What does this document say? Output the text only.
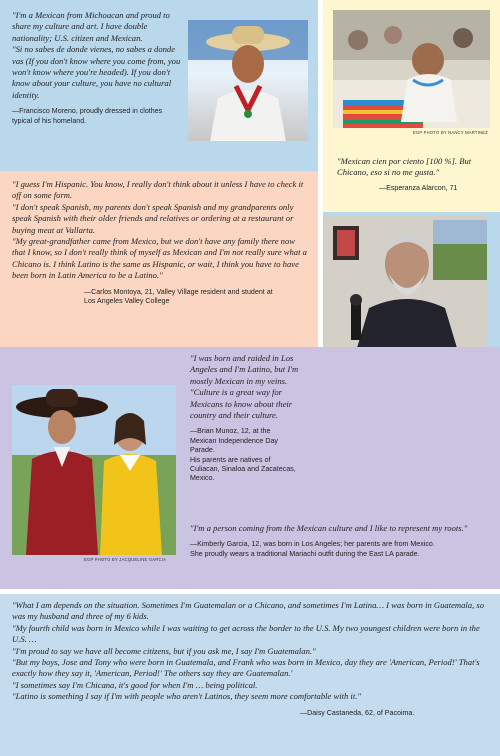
"I'm a Mexican from Michoacan and proud to share my culture and art. I have double nationality; U.S. citizen and Mexican.
"Si no sabes de donde vienes, no sabes a donde vas (If you don't know where you come from, you won't know where you're headed). If you don't know about your culture, you have no cultural identity.

—Francisco Moreno, proudly dressed in clothes
typical of his homeland.
EGP PHOTO BY NANCY MARTINEZ

"Mexican cien por ciento [100 %]. But Chicano, eso si no me gusta."

—Esperanza Alarcon, 71

"I guess I'm Hispanic. You know, I really don't think about it unless I have to check it off on some form.
"I don't speak Spanish, my parents don't speak Spanish and my grandparents only speak Spanish with their older friends and relatives or ordering at a restaurant or buying meat at Vallarta.
"My great-grandfather came from Mexico, but we don't have any family there now that I know, so I don't really think of myself as Mexican and I'm not really sure what a Chicano is. I think Latino is the same as Hispanic, or wait, I think you have to have been born in Latin America to be a Latino."

—Carlos Montoya, 21, Valley Village resident and student at
Los Angeles Valley College

EGP PHOTO BY JACQUELINE GARCIA

"I was born and raided in Los Angeles and I'm Latino, but I'm mostly Mexican in my veins.
"Culture is a great way for Mexicans to know about their country and their culture.

—Brian Munoz, 12, at the
Mexican Independence Day
Parade.
His parents are natives of
Culiacan, Sinaloa and Zacatecas,
Mexico.

"I'm a person coming from the Mexican culture and I like to represent my roots."

—Kimberly Garcia, 12, was born in Los Angeles; her parents are from Mexico.
She proudly wears a traditional Mariachi outfit during the East LA parade.

"What I am depends on the situation. Sometimes I'm Guatemalan or a Chicano, and sometimes I'm Latina… I was born in Guatemala, so was my husband and three of my 6 kids.
"My fourth child was born in Mexico while I was waiting to get across the border to the U.S. My two youngest children were born in the U.S. …
"I'm proud to say we have all become citizens, but if you ask me, I say I'm Guatemalan."
"But my boys, Jose and Tony who were born in Guatemala, and Frank who was born in Mexico, day they are 'American, Period!' That's exactly how they say it, 'American, Period!' The others say they are Guatemalan.'
"I sometimes say I'm Chicana, it's good for when I'm … being political.
"Latino is something I say if I'm with people who aren't Latinos, they seem more comfortable with it."

—Daisy Castaneda, 62, of Pacoima.
